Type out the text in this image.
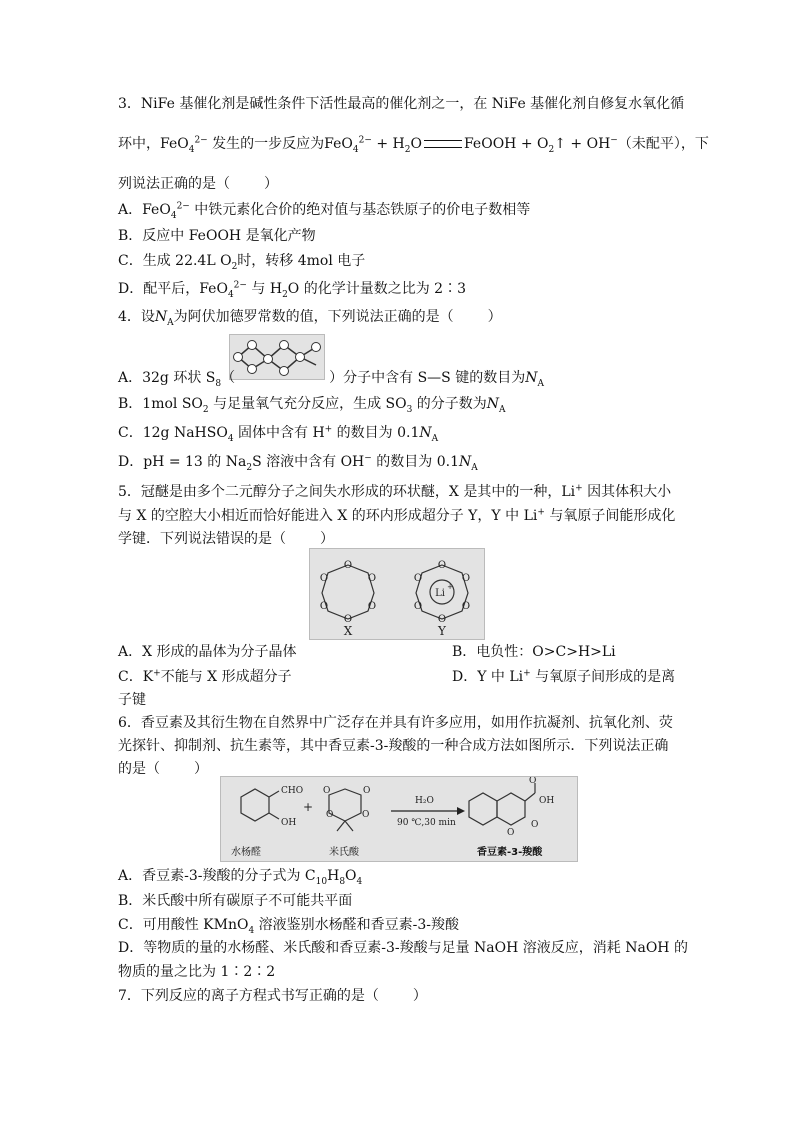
3．NiFe 基催化剂是碱性条件下活性最高的催化剂之一，在 NiFe 基催化剂自修复水氧化循
环中，FeO$_4^{2-}$ 发生的一步反应为$FeO_4^{2-} + H_2O$	FeOOH + $O_2↑ + OH^-$（未配平），下
列说法正确的是（ ）
A．FeO$_4^{2-}$ 中铁元素化合价的绝对值与基态铁原子的价电子数相等
B．反应中 FeOOH 是氧化产物
C．生成 22.4L $O_2$时，转移 4mol 电子
D．配平后，FeO$_4^{2-}$ 与 $H_2O$ 的化学计量数之比为 2∶3
4．设$N_A$为阿伏加德罗常数的值，下列说法正确的是（ ）
A．32g 环状 $S_8$（	）分子中含有 S—S 键的数目为$N_A$
B．1mol $SO_2$ 与足量氧气充分反应，生成 $SO_3$ 的分子数为$N_A$
C．12g NaHSO$_4$ 固体中含有 H+ 的数目为 $0.1N_A$
D．pH = 13 的 $Na_2S$ 溶液中含有 OH− 的数目为 $0.1N_A$
5．冠醚是由多个二元醇分子之间失水形成的环状醚，X 是其中的一种，Li+ 因其体积大小
与 X 的空腔大小相近而恰好能进入 X 的环内形成超分子 Y，Y 中 Li+ 与氧原子间能形成化
学键．下列说法错误的是（ ）
O
O
O
O
O
O
O
O
O
O
O
O
Li
+
X	Y
A．X 形成的晶体为分子晶体	B．电负性：O>C>H>Li
C．K+不能与 X 形成超分子	D．Y 中 Li+ 与氧原子间形成的是离
子键
6．香豆素及其衍生物在自然界中广泛存在并具有许多应用，如用作抗凝剂、抗氧化剂、荧
光探针、抑制剂、抗生素等，其中香豆素-3-羧酸的一种合成方法如图所示．下列说法正确
的是（ ）
CHO
OH
+
O	O
O	O
H₂O
90 ℃,30 min
O
OH
O
O
水杨醛	米氏酸	香豆素-3-羧酸
A．香豆素-3-羧酸的分子式为 $C_{10}H_8O_4$
B．米氏酸中所有碳原子不可能共平面
C．可用酸性 KMnO$_4$ 溶液鉴别水杨醛和香豆素-3-羧酸
D．等物质的量的水杨醛、米氏酸和香豆素-3-羧酸与足量 NaOH 溶液反应，消耗 NaOH 的
物质的量之比为 1∶2∶2
7．下列反应的离子方程式书写正确的是（ ）
